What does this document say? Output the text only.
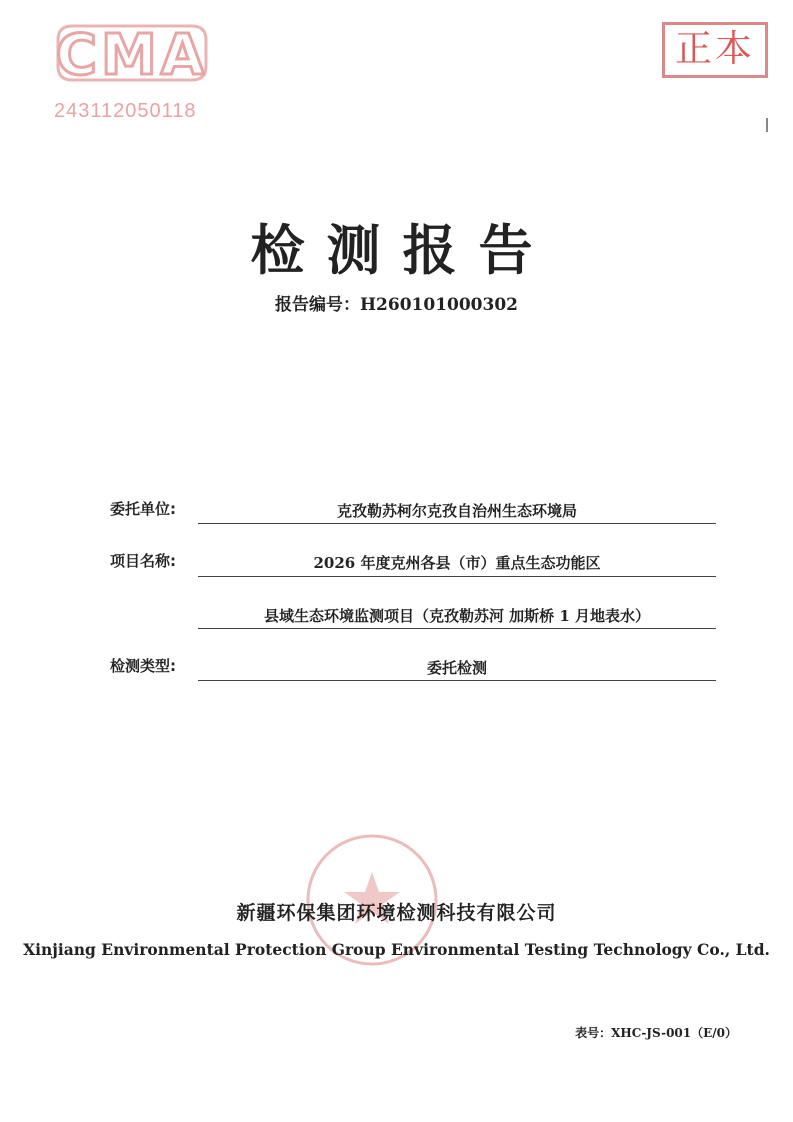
CMA
243112050118
正本
检测报告
报告编号：H260101000302
委托单位:	克孜勒苏柯尔克孜自治州生态环境局
项目名称:	2026 年度克州各县（市）重点生态功能区
县域生态环境监测项目（克孜勒苏河 加斯桥 1 月地表水）
检测类型:	委托检测
新疆环保集团环境检测科技有限公司
Xinjiang Environmental Protection Group Environmental Testing Technology Co., Ltd.
表号：XHC-JS-001（E/0）
